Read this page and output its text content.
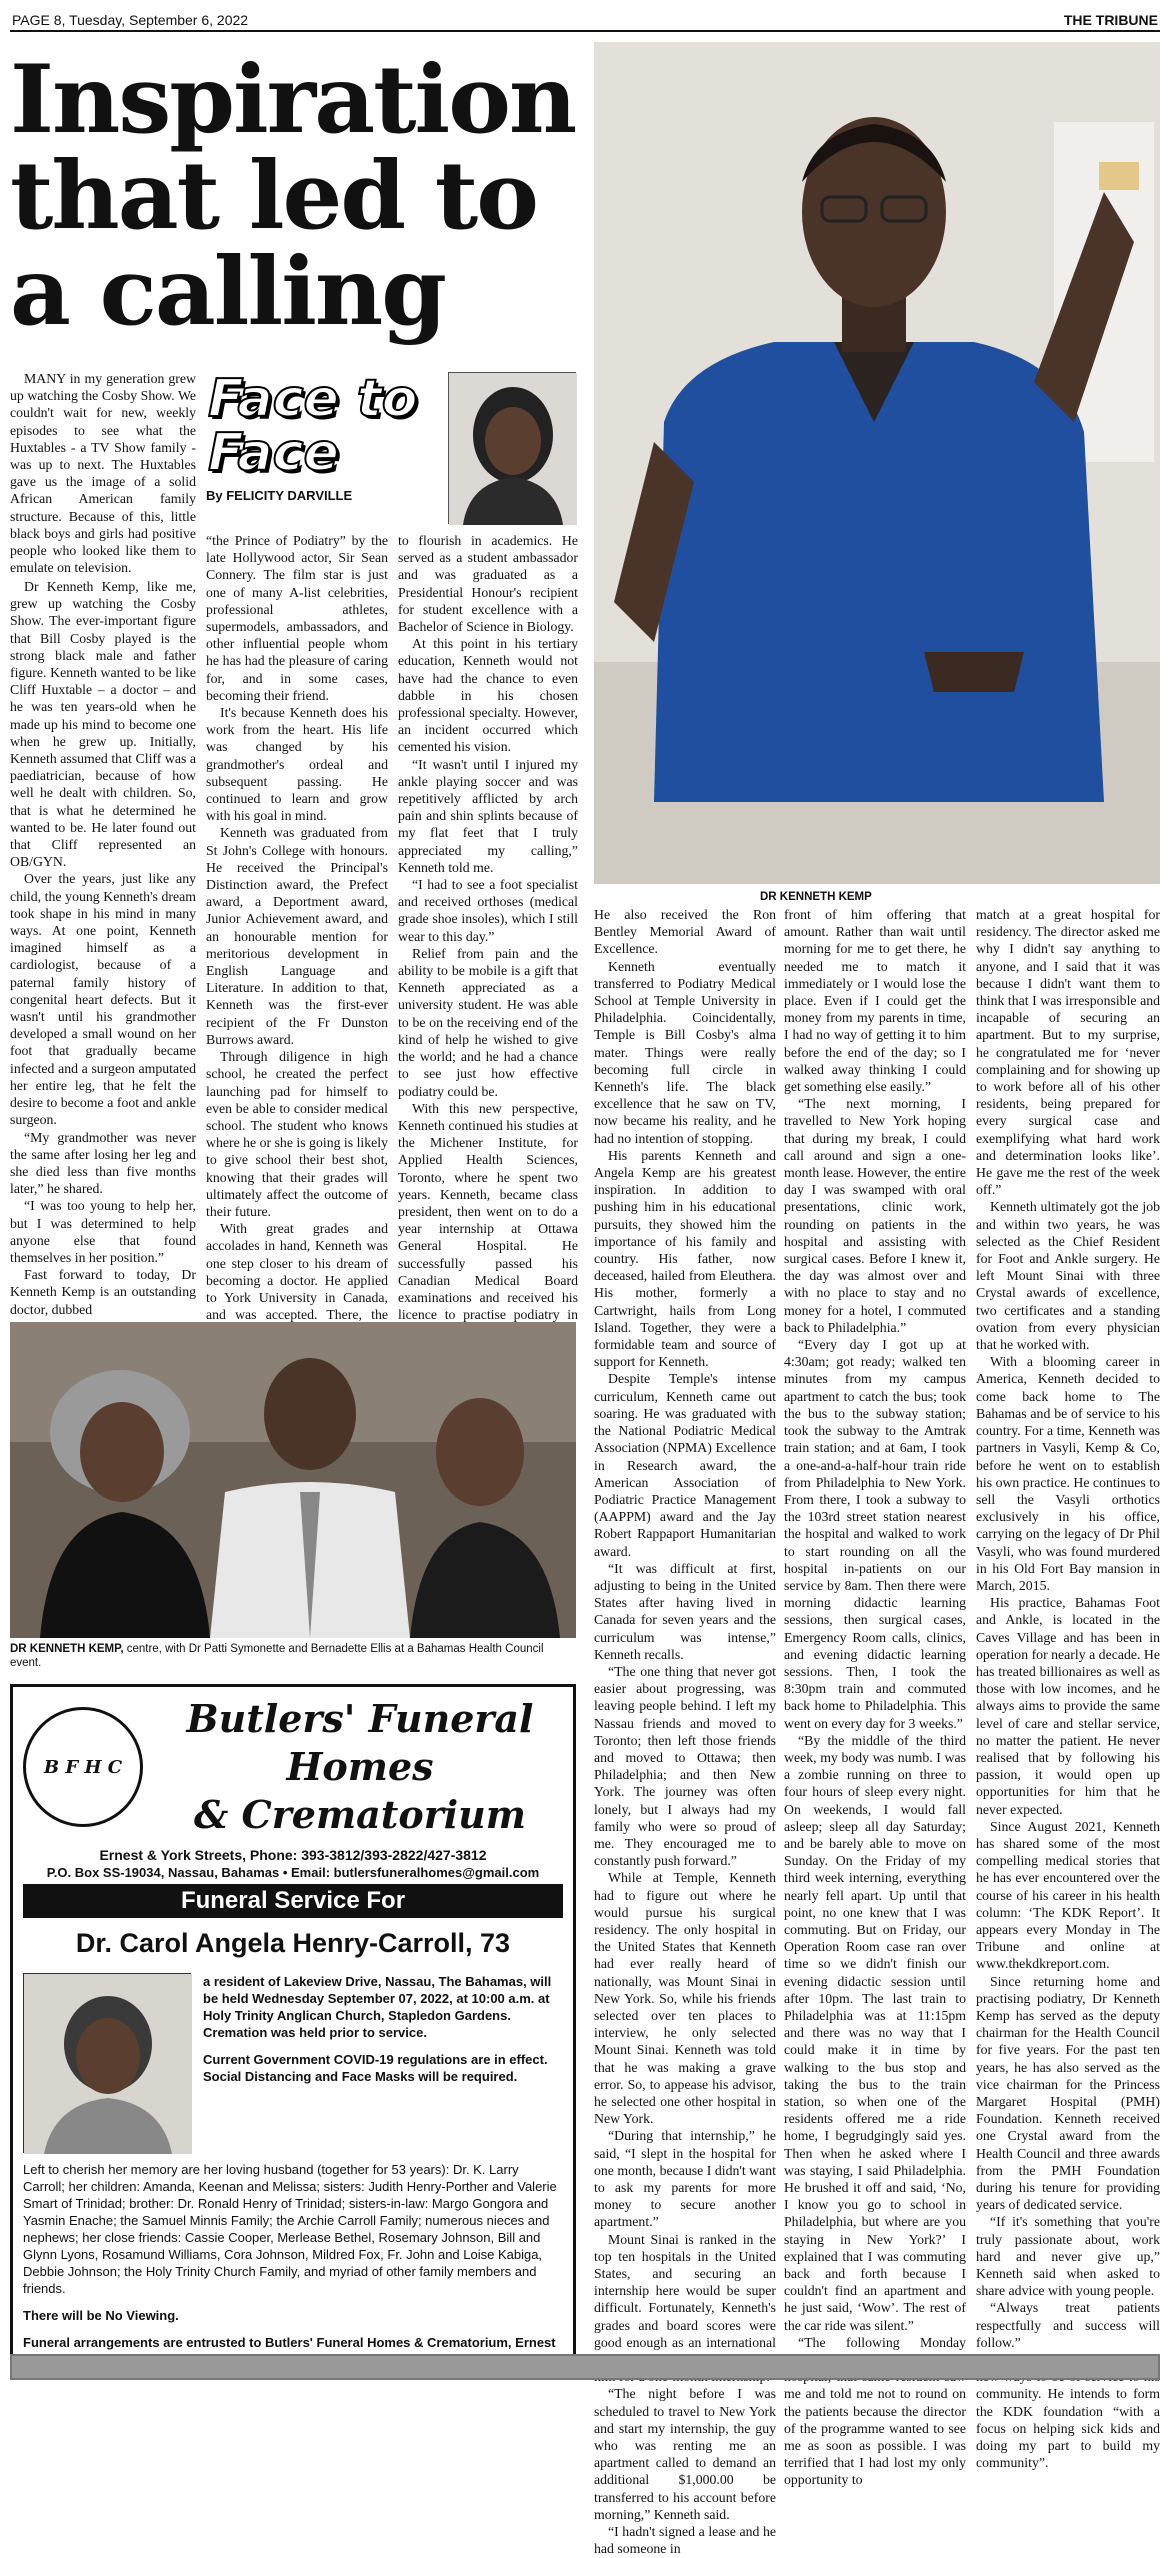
PAGE 8, Tuesday, September 6, 2022	THE TRIBUNE
Inspiration that led to a calling
DR KENNETH KEMP

MANY in my generation grew up watching the Cosby Show. We couldn't wait for new, weekly episodes to see what the Huxtables - a TV Show family - was up to next. The Huxtables gave us the image of a solid African American family structure. Because of this, little black boys and girls had positive people who looked like them to emulate on television.

Face to
Face
By FELICITY DARVILLE

Dr Kenneth Kemp, like me, grew up watching the Cosby Show. The ever-important figure that Bill Cosby played is the strong black male and father figure. Kenneth wanted to be like Cliff Huxtable – a doctor – and he was ten years-old when he made up his mind to become one when he grew up. Initially, Kenneth assumed that Cliff was a paediatrician, because of how well he dealt with children. So, that is what he determined he wanted to be. He later found out that Cliff represented an OB/GYN.

Over the years, just like any child, the young Kenneth's dream took shape in his mind in many ways. At one point, Kenneth imagined himself as a cardiologist, because of a paternal family history of congenital heart defects. But it wasn't until his grandmother developed a small wound on her foot that gradually became infected and a surgeon amputated her entire leg, that he felt the desire to become a foot and ankle surgeon.

“My grandmother was never the same after losing her leg and she died less than five months later,” he shared.

“I was too young to help her, but I was determined to help anyone else that found themselves in her position.”

Fast forward to today, Dr Kenneth Kemp is an outstanding doctor, dubbed

“the Prince of Podiatry” by the late Hollywood actor, Sir Sean Connery. The film star is just one of many A-list celebrities, professional athletes, supermodels, ambassadors, and other influential people whom he has had the pleasure of caring for, and in some cases, becoming their friend.

It's because Kenneth does his work from the heart. His life was changed by his grandmother's ordeal and subsequent passing. He continued to learn and grow with his goal in mind.

Kenneth was graduated from St John's College with honours. He received the Principal's Distinction award, the Prefect award, a Deportment award, Junior Achievement award, and an honourable mention for meritorious development in English Language and Literature. In addition to that, Kenneth was the first-ever recipient of the Fr Dunston Burrows award.

Through diligence in high school, he created the perfect launching pad for himself to even be able to consider medical school. The student who knows where he or she is going is likely to give school their best shot, knowing that their grades will ultimately affect the outcome of their future.

With great grades and accolades in hand, Kenneth was one step closer to his dream of becoming a doctor. He applied to York University in Canada, and was accepted. There, the

to flourish in academics. He served as a student ambassador and was graduated as a Presidential Honour's recipient for student excellence with a Bachelor of Science in Biology.

At this point in his tertiary education, Kenneth would not have had the chance to even dabble in his chosen professional specialty. However, an incident occurred which cemented his vision.

“It wasn't until I injured my ankle playing soccer and was repetitively afflicted by arch pain and shin splints because of my flat feet that I truly appreciated my calling,” Kenneth told me.

“I had to see a foot specialist and received orthoses (medical grade shoe insoles), which I still wear to this day.”

Relief from pain and the ability to be mobile is a gift that Kenneth appreciated as a university student. He was able to be on the receiving end of the kind of help he wished to give the world; and he had a chance to see just how effective podiatry could be.

With this new perspective, Kenneth continued his studies at the Michener Institute, for Applied Health Sciences, Toronto, where he spent two years. Kenneth, became class president, then went on to do a year internship at Ottawa General Hospital. He successfully passed his Canadian Medical Board examinations and received his licence to practise podiatry in

DR KENNETH KEMP, centre, with Dr Patti Symonette and Bernadette Ellis at a Bahamas Health Council event.

He also received the Ron Bentley Memorial Award of Excellence.

Kenneth eventually transferred to Podiatry Medical School at Temple University in Philadelphia. Coincidentally, Temple is Bill Cosby's alma mater. Things were really becoming full circle in Kenneth's life. The black excellence that he saw on TV, now became his reality, and he had no intention of stopping.

His parents Kenneth and Angela Kemp are his greatest inspiration. In addition to pushing him in his educational pursuits, they showed him the importance of his family and country. His father, now deceased, hailed from Eleuthera. His mother, formerly a Cartwright, hails from Long Island. Together, they were a formidable team and source of support for Kenneth.

Despite Temple's intense curriculum, Kenneth came out soaring. He was graduated with the National Podiatric Medical Association (NPMA) Excellence in Research award, the American Association of Podiatric Practice Management (AAPPM) award and the Jay Robert Rappaport Humanitarian award.

“It was difficult at first, adjusting to being in the United States after having lived in Canada for seven years and the curriculum was intense,” Kenneth recalls.

“The one thing that never got easier about progressing, was leaving people behind. I left my Nassau friends and moved to Toronto; then left those friends and moved to Ottawa; then Philadelphia; and then New York. The journey was often lonely, but I always had my family who were so proud of me. They encouraged me to constantly push forward.”

While at Temple, Kenneth had to figure out where he would pursue his surgical residency. The only hospital in the United States that Kenneth had ever really heard of nationally, was Mount Sinai in New York. So, while his friends selected over ten places to interview, he only selected Mount Sinai. Kenneth was told that he was making a grave error. So, to appease his advisor, he selected one other hospital in New York.

“During that internship,” he said, “I slept in the hospital for one month, because I didn't want to ask my parents for more money to secure another apartment.”

Mount Sinai is ranked in the top ten hospitals in the United States, and securing an internship here would be super difficult. Fortunately, Kenneth's grades and board scores were good enough as an international

“The night before I was scheduled to travel to New York and start my internship, the guy who was renting me an apartment called to demand an additional $1,000.00 be transferred to his account before morning,” Kenneth said.

“I hadn't signed a lease and he had someone in

front of him offering that amount. Rather than wait until morning for me to get there, he needed me to match it immediately or I would lose the place. Even if I could get the money from my parents in time, I had no way of getting it to him before the end of the day; so I walked away thinking I could get something else easily.”

“The next morning, I travelled to New York hoping that during my break, I could call around and sign a one-month lease. However, the entire day I was swamped with oral presentations, clinic work, rounding on patients in the hospital and assisting with surgical cases. Before I knew it, the day was almost over and with no place to stay and no money for a hotel, I commuted back to Philadelphia.”

“Every day I got up at 4:30am; got ready; walked ten minutes from my campus apartment to catch the bus; took the bus to the subway station; took the subway to the Amtrak train station; and at 6am, I took a one-and-a-half-hour train ride from Philadelphia to New York. From there, I took a subway to the 103rd street station nearest the hospital and walked to work to start rounding on all the hospital in-patients on our service by 8am. Then there were morning didactic learning sessions, then surgical cases, Emergency Room calls, clinics, and evening didactic learning sessions. Then, I took the 8:30pm train and commuted back home to Philadelphia. This went on every day for 3 weeks.”

“By the middle of the third week, my body was numb. I was a zombie running on three to four hours of sleep every night. On weekends, I would fall asleep; sleep all day Saturday; and be barely able to move on Sunday. On the Friday of my third week interning, everything nearly fell apart. Up until that point, no one knew that I was commuting. But on Friday, our Operation Room case ran over time so we didn't finish our evening didactic session until after 10pm. The last train to Philadelphia was at 11:15pm and there was no way that I could make it in time by walking to the bus stop and taking the bus to the train station, so when one of the residents offered me a ride home, I begrudgingly said yes. Then when he asked where I was staying, I said Philadelphia. He brushed it off and said, ‘No, I know you go to school in Philadelphia, but where are you staying in New York?’ I explained that I was commuting back and forth because I couldn't find an apartment and he just said, ‘Wow’. The rest of the car ride was silent.”

“The following Monday me and told me not to round on the patients because the director of the programme wanted to see me as soon as possible. I was terrified that I had lost my only opportunity to

match at a great hospital for residency. The director asked me why I didn't say anything to anyone, and I said that it was because I didn't want them to think that I was irresponsible and incapable of securing an apartment. But to my surprise, he congratulated me for ‘never complaining and for showing up to work before all of his other residents, being prepared for every surgical case and exemplifying what hard work and determination looks like’. He gave me the rest of the week off.”

Kenneth ultimately got the job and within two years, he was selected as the Chief Resident for Foot and Ankle surgery. He left Mount Sinai with three Crystal awards of excellence, two certificates and a standing ovation from every physician that he worked with.

With a blooming career in America, Kenneth decided to come back home to The Bahamas and be of service to his country. For a time, Kenneth was partners in Vasyli, Kemp & Co, before he went on to establish his own practice. He continues to sell the Vasyli orthotics exclusively in his office, carrying on the legacy of Dr Phil Vasyli, who was found murdered in his Old Fort Bay mansion in March, 2015.

His practice, Bahamas Foot and Ankle, is located in the Caves Village and has been in operation for nearly a decade. He has treated billionaires as well as those with low incomes, and he always aims to provide the same level of care and stellar service, no matter the patient. He never realised that by following his passion, it would open up opportunities for him that he never expected.

Since August 2021, Kenneth has shared some of the most compelling medical stories that he has ever encountered over the course of his career in his health column: ‘The KDK Report’. It appears every Monday in The Tribune and online at www.thekdkreport.com.

Since returning home and practising podiatry, Dr Kenneth Kemp has served as the deputy chairman for the Health Council for five years. For the past ten years, he has also served as the vice chairman for the Princess Margaret Hospital (PMH) Foundation. Kenneth received one Crystal award from the Health Council and three awards from the PMH Foundation during his tenure for providing years of dedicated service.

“If it's something that you're truly passionate about, work hard and never give up,” Kenneth said when asked to share advice with young people.

“Always treat patients respectfully and success will follow.”

community. He intends to form the KDK foundation “with a focus on helping sick kids and doing my part to build my community”.

B F H C
Butlers' Funeral Homes
& Crematorium
Ernest & York Streets, Phone: 393-3812/393-2822/427-3812
P.O. Box SS-19034, Nassau, Bahamas • Email: butlersfuneralhomes@gmail.com
Funeral Service For
Dr. Carol Angela Henry-Carroll, 73

a resident of Lakeview Drive, Nassau, The Bahamas, will be held Wednesday September 07, 2022, at 10:00 a.m. at Holy Trinity Anglican Church, Stapledon Gardens. Cremation was held prior to service.

Current Government COVID-19 regulations are in effect. Social Distancing and Face Masks will be required.

Left to cherish her memory are her loving husband (together for 53 years): Dr. K. Larry Carroll; her children: Amanda, Keenan and Melissa; sisters: Judith Henry-Porther and Valerie Smart of Trinidad; brother: Dr. Ronald Henry of Trinidad; sisters-in-law: Margo Gongora and Yasmin Enache; the Samuel Minnis Family; the Archie Carroll Family; numerous nieces and nephews; her close friends: Cassie Cooper, Merlease Bethel, Rosemary Johnson, Bill and Glynn Lyons, Rosamund Williams, Cora Johnson, Mildred Fox, Fr. John and Loise Kabiga, Debbie Johnson; the Holy Trinity Church Family, and myriad of other family members and friends.

There will be No Viewing.

Funeral arrangements are entrusted to Butlers' Funeral Homes & Crematorium, Ernest
